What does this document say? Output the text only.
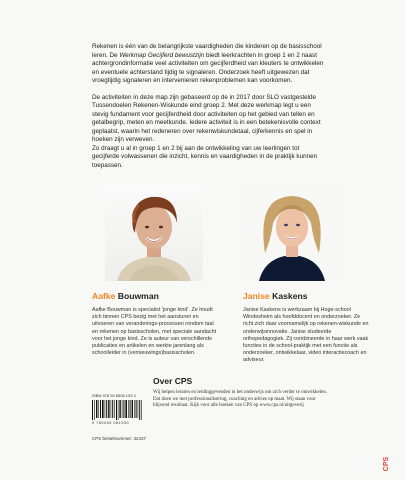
Rekenen is één van de belangrijkste vaardigheden die kinderen op de basisschool leren. De Werkmap Gecijferd bewustzijn biedt leerkrachten in groep 1 en 2 naast achtergrondinformatie veel activiteiten om gecijferdheid van kleuters te ontwikkelen en eventuele achterstand tijdig te signaleren. Onderzoek heeft uitgewezen dat vroegtijdig signaleren en intervenieren rekenproblemen kan voorkomen.

De activiteiten in deze map zijn gebaseerd op de in 2017 door SLO vastgestelde Tussendoelen Rekenen-Wiskunde eind groep 2. Met deze werkmap legt u een stevig fundament voor gecijferdheid door activiteiten op het gebied van tellen en getalbegrip, meten en meetkunde. Iedere activiteit is in een betekenisvolle context geplaatst, waarin het redeneren over rekenwiskundetaal, cijferkennis en spel in hoeken zijn verweven.

Zo draagt u al in groep 1 en 2 bij aan de ontwikkeling van uw leerlingen tot gecijferde volwassenen die inzicht, kennis en vaardigheden in de praktijk kunnen toepassen.

Aafke Bouwman	Janise Kaskens
Aafke Bouwman is specialist 'jonge kind'. Ze houdt zich binnen CPS bezig met het aansturen en uitvoeren van veranderings-processen rondom taal en rekenen op basisscholen, met speciale aandacht voor het jonge kind. Ze is auteur van verschillende publicaties en artikelen en werkte jarenlang als schoolleider in (vernieuwings)basisscholen.
Janise Kaskens is werkzaam bij Hoge-school Windesheim als hoofddocent en onderzoeker. Ze richt zich daar voornamelijk op rekenen-wiskunde en onderwijsinnovatie. Janise studeerde orthopedagogiek. Zij combineerde in haar werk vaak functies in de school-praktijk met een functie als onderzoeker, ontwikkelaar, video interactiecoach en adviseur.
ISBN 978 90 6508 193 0
9 789065 081930
CPS bestelnummer: 32437
Over CPS
Wij helpen leraren en leidinggevenden in het onderwijs om zich verder te ontwikkelen. Dat doen we met professionalisering, coaching en advies op maat. Wij staan voor blijvend resultaat. Kijk voor alle boeken van CPS op www.cps.nl/uitgeverij
CPS
